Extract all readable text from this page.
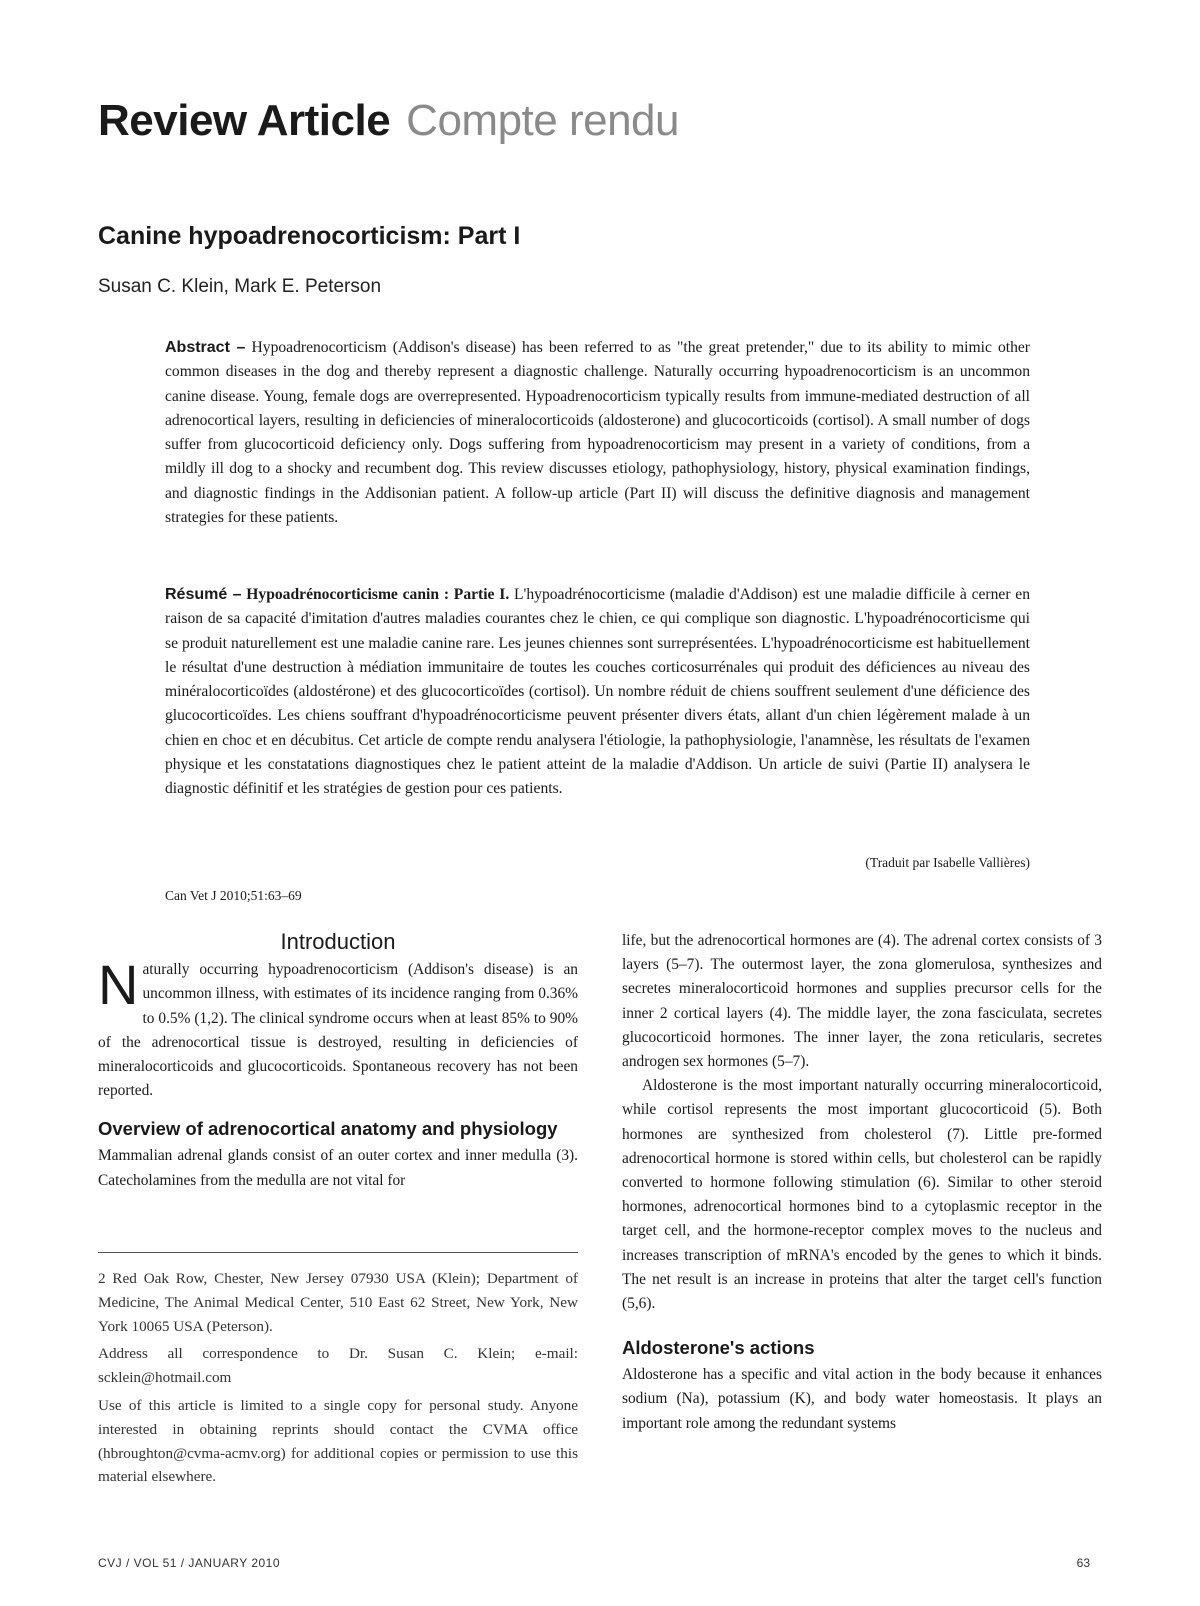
Review Article Compte rendu
Canine hypoadrenocorticism: Part I
Susan C. Klein, Mark E. Peterson
Abstract – Hypoadrenocorticism (Addison's disease) has been referred to as "the great pretender," due to its ability to mimic other common diseases in the dog and thereby represent a diagnostic challenge. Naturally occurring hypoadrenocorticism is an uncommon canine disease. Young, female dogs are overrepresented. Hypoadrenocorticism typically results from immune-mediated destruction of all adrenocortical layers, resulting in deficiencies of mineralocorticoids (aldosterone) and glucocorticoids (cortisol). A small number of dogs suffer from glucocorticoid deficiency only. Dogs suffering from hypoadrenocorticism may present in a variety of conditions, from a mildly ill dog to a shocky and recumbent dog. This review discusses etiology, pathophysiology, history, physical examination findings, and diagnostic findings in the Addisonian patient. A follow-up article (Part II) will discuss the definitive diagnosis and management strategies for these patients.
Résumé – Hypoadrénocorticisme canin : Partie I. L'hypoadrénocorticisme (maladie d'Addison) est une maladie difficile à cerner en raison de sa capacité d'imitation d'autres maladies courantes chez le chien, ce qui complique son diagnostic. L'hypoadrénocorticisme qui se produit naturellement est une maladie canine rare. Les jeunes chiennes sont surreprésentées. L'hypoadrénocorticisme est habituellement le résultat d'une destruction à médiation immunitaire de toutes les couches corticosurrénales qui produit des déficiences au niveau des minéralocorticoïdes (aldostérone) et des glucocorticoïdes (cortisol). Un nombre réduit de chiens souffrent seulement d'une déficience des glucocorticoïdes. Les chiens souffrant d'hypoadrénocorticisme peuvent présenter divers états, allant d'un chien légèrement malade à un chien en choc et en décubitus. Cet article de compte rendu analysera l'étiologie, la pathophysiologie, l'anamnèse, les résultats de l'examen physique et les constatations diagnostiques chez le patient atteint de la maladie d'Addison. Un article de suivi (Partie II) analysera le diagnostic définitif et les stratégies de gestion pour ces patients.
(Traduit par Isabelle Vallières)
Can Vet J 2010;51:63–69
Introduction

Naturally occurring hypoadrenocorticism (Addison's disease) is an uncommon illness, with estimates of its incidence ranging from 0.36% to 0.5% (1,2). The clinical syndrome occurs when at least 85% to 90% of the adrenocortical tissue is destroyed, resulting in deficiencies of mineralocorticoids and glucocorticoids. Spontaneous recovery has not been reported.

Overview of adrenocortical anatomy and physiology

Mammalian adrenal glands consist of an outer cortex and inner medulla (3). Catecholamines from the medulla are not vital for

2 Red Oak Row, Chester, New Jersey 07930 USA (Klein); Department of Medicine, The Animal Medical Center, 510 East 62 Street, New York, New York 10065 USA (Peterson).

Address all correspondence to Dr. Susan C. Klein; e-mail: scklein@hotmail.com

Use of this article is limited to a single copy for personal study. Anyone interested in obtaining reprints should contact the CVMA office (hbroughton@cvma-acmv.org) for additional copies or permission to use this material elsewhere.

life, but the adrenocortical hormones are (4). The adrenal cortex consists of 3 layers (5–7). The outermost layer, the zona glomerulosa, synthesizes and secretes mineralocorticoid hormones and supplies precursor cells for the inner 2 cortical layers (4). The middle layer, the zona fasciculata, secretes glucocorticoid hormones. The inner layer, the zona reticularis, secretes androgen sex hormones (5–7).

Aldosterone is the most important naturally occurring mineralocorticoid, while cortisol represents the most important glucocorticoid (5). Both hormones are synthesized from cholesterol (7). Little pre-formed adrenocortical hormone is stored within cells, but cholesterol can be rapidly converted to hormone following stimulation (6). Similar to other steroid hormones, adrenocortical hormones bind to a cytoplasmic receptor in the target cell, and the hormone-receptor complex moves to the nucleus and increases transcription of mRNA's encoded by the genes to which it binds. The net result is an increase in proteins that alter the target cell's function (5,6).

Aldosterone's actions

Aldosterone has a specific and vital action in the body because it enhances sodium (Na), potassium (K), and body water homeostasis. It plays an important role among the redundant systems

CVJ / VOL 51 / JANUARY 2010	63
